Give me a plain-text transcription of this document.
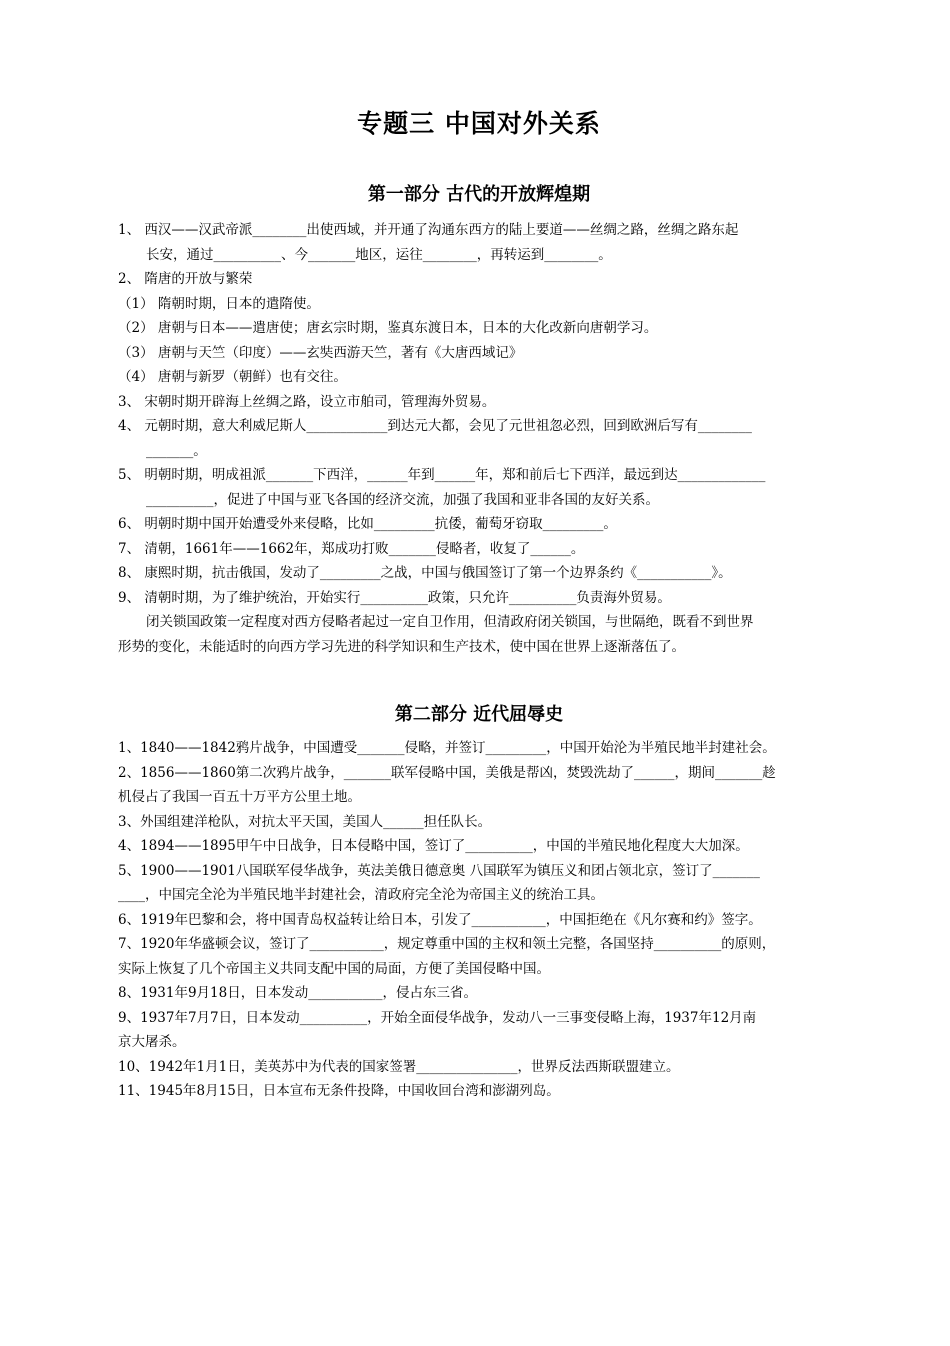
专题三 中国对外关系
第一部分 古代的开放辉煌期

1、 西汉——汉武帝派________出使西域，并开通了沟通东西方的陆上要道——丝绸之路，丝绸之路东起

长安，通过__________、今_______地区，运往________，再转运到________。

2、 隋唐的开放与繁荣

（1） 隋朝时期，日本的遣隋使。

（2） 唐朝与日本——遣唐使；唐玄宗时期，鉴真东渡日本，日本的大化改新向唐朝学习。

（3） 唐朝与天竺（印度）——玄奘西游天竺，著有《大唐西域记》

（4） 唐朝与新罗（朝鲜）也有交往。

3、 宋朝时期开辟海上丝绸之路，设立市舶司，管理海外贸易。

4、 元朝时期，意大利威尼斯人____________到达元大都，会见了元世祖忽必烈，回到欧洲后写有________

_______。

5、 明朝时期，明成祖派_______下西洋，______年到______年，郑和前后七下西洋，最远到达_____________

__________，促进了中国与亚飞各国的经济交流，加强了我国和亚非各国的友好关系。

6、 明朝时期中国开始遭受外来侵略，比如_________抗倭，葡萄牙窃取_________。

7、 清朝，1661年——1662年，郑成功打败_______侵略者，收复了______。

8、 康熙时期，抗击俄国，发动了_________之战，中国与俄国签订了第一个边界条约《___________》。

9、 清朝时期，为了维护统治，开始实行__________政策，只允许__________负责海外贸易。

闭关锁国政策一定程度对西方侵略者起过一定自卫作用，但清政府闭关锁国，与世隔绝，既看不到世界

形势的变化，未能适时的向西方学习先进的科学知识和生产技术，使中国在世界上逐渐落伍了。

第二部分 近代屈辱史

1、1840——1842鸦片战争，中国遭受_______侵略，并签订_________，中国开始沦为半殖民地半封建社会。

2、1856——1860第二次鸦片战争，_______联军侵略中国，美俄是帮凶，焚毁洗劫了______，期间_______趁

机侵占了我国一百五十万平方公里土地。

3、外国组建洋枪队，对抗太平天国，美国人______担任队长。

4、1894——1895甲午中日战争，日本侵略中国，签订了__________，中国的半殖民地化程度大大加深。

5、1900——1901八国联军侵华战争，英法美俄日德意奥 八国联军为镇压义和团占领北京，签订了_______

____，中国完全沦为半殖民地半封建社会，清政府完全沦为帝国主义的统治工具。

6、1919年巴黎和会，将中国青岛权益转让给日本，引发了___________，中国拒绝在《凡尔赛和约》签字。

7、1920年华盛顿会议，签订了___________，规定尊重中国的主权和领土完整，各国坚持__________的原则，

实际上恢复了几个帝国主义共同支配中国的局面，方便了美国侵略中国。

8、1931年9月18日，日本发动___________，侵占东三省。

9、1937年7月7日，日本发动__________，开始全面侵华战争，发动八一三事变侵略上海，1937年12月南

京大屠杀。

10、1942年1月1日，美英苏中为代表的国家签署_______________，世界反法西斯联盟建立。

11、1945年8月15日，日本宣布无条件投降，中国收回台湾和澎湖列岛。
